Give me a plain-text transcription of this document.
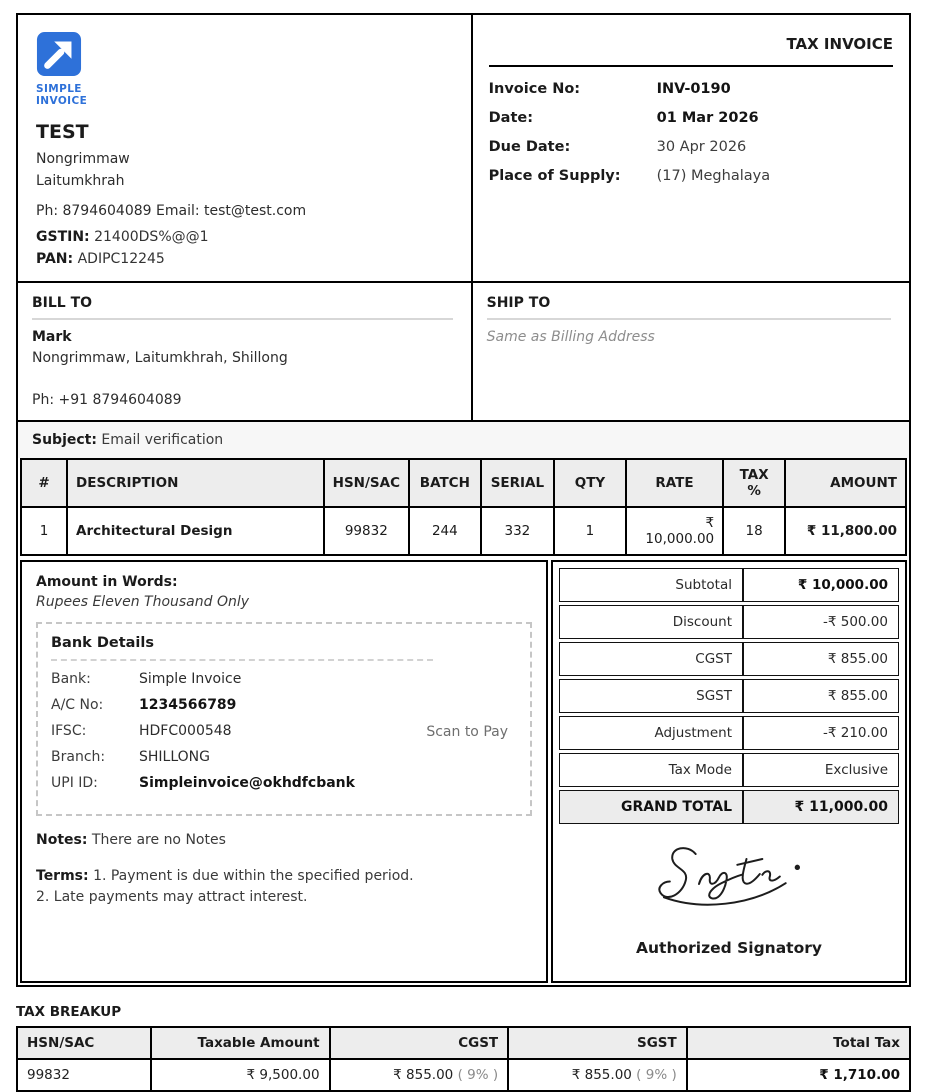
SIMPLE
INVOICE
TEST
Nongrimmaw
Laitumkhrah
Ph: 8794604089 Email: test@test.com
GSTIN: 21400DS%@@1
PAN: ADIPC12245
TAX INVOICE
Invoice No:	INV-0190
Date:	01 Mar 2026
Due Date:	30 Apr 2026
Place of Supply:	(17) Meghalaya
BILL TO
Mark
Nongrimmaw, Laitumkhrah, Shillong
Ph: +91 8794604089
SHIP TO
Same as Billing Address
Subject: Email verification
#	DESCRIPTION	HSN/SAC	BATCH	SERIAL	QTY	RATE	TAX %	AMOUNT
1	Architectural Design	99832	244	332	1	₹ 10,000.00	18	₹ 11,800.00
Amount in Words:
Rupees Eleven Thousand Only
Bank Details
Bank:	Simple Invoice
A/C No:	1234566789
IFSC:	HDFC000548
Branch:	SHILLONG
UPI ID:	Simpleinvoice@okhdfcbank
Scan to Pay
Notes: There are no Notes
Terms: 1. Payment is due within the specified period.
2. Late payments may attract interest.
Subtotal	₹ 10,000.00
Discount	-₹ 500.00
CGST	₹ 855.00
SGST	₹ 855.00
Adjustment	-₹ 210.00
Tax Mode	Exclusive
GRAND TOTAL	₹ 11,000.00
Authorized Signatory
TAX BREAKUP
HSN/SAC	Taxable Amount	CGST	SGST	Total Tax
99832	₹ 9,500.00	₹ 855.00 ( 9% )	₹ 855.00 ( 9% )	₹ 1,710.00
